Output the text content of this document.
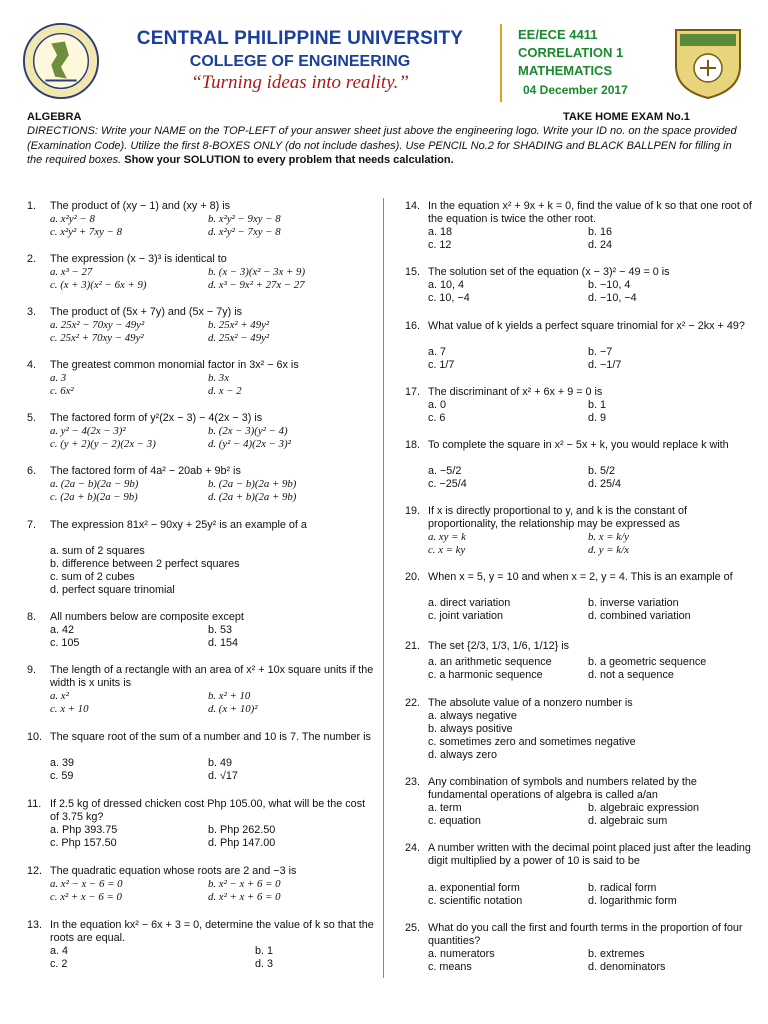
CENTRAL PHILIPPINE UNIVERSITY
COLLEGE OF ENGINEERING
“Turning ideas into reality.”
EE/ECE 4411
CORRELATION 1
MATHEMATICS
04 December 2017
ALGEBRA	TAKE HOME EXAM No.1
DIRECTIONS: Write your NAME on the TOP-LEFT of your answer sheet just above the engineering logo. Write your ID no. on the space provided (Examination Code). Utilize the first 8-BOXES ONLY (do not include dashes). Use PENCIL No.2 for SHADING and BLACK BALLPEN for filling in the required boxes. Show your SOLUTION to every problem that needs calculation.
1.	The product of (xy − 1) and (xy + 8) is
a. x²y² − 8	b. x²y² − 9xy − 8
c. x²y² + 7xy − 8	d. x²y² − 7xy − 8
2.	The expression (x − 3)³ is identical to
a. x³ − 27	b. (x − 3)(x² − 3x + 9)
c. (x + 3)(x² − 6x + 9)	d. x³ − 9x² + 27x − 27
3.	The product of (5x + 7y) and (5x − 7y) is
a. 25x² − 70xy − 49y²	b. 25x² + 49y²
c. 25x² + 70xy − 49y²	d. 25x² − 49y²
4.	The greatest common monomial factor in 3x² − 6x is
a. 3	b. 3x
c. 6x²	d. x − 2
5.	The factored form of y²(2x − 3) − 4(2x − 3) is
a. y² − 4(2x − 3)²	b. (2x − 3)(y² − 4)
c. (y + 2)(y − 2)(2x − 3)	d. (y² − 4)(2x − 3)²
6.	The factored form of 4a² − 20ab + 9b² is
a. (2a − b)(2a − 9b)	b. (2a − b)(2a + 9b)
c. (2a + b)(2a − 9b)	d. (2a + b)(2a + 9b)
7.	The expression 81x² − 90xy + 25y² is an example of a
a. sum of 2 squares
b. difference between 2 perfect squares
c. sum of 2 cubes
d. perfect square trinomial
8.	All numbers below are composite except
a. 42	b. 53
c. 105	d. 154
9.	The length of a rectangle with an area of x² + 10x square units if the width is x units is
a. x²	b. x² + 10
c. x + 10	d. (x + 10)²
10. The square root of the sum of a number and 10 is 7. The number is
a. 39	b. 49
c. 59	d. √17
11. If 2.5 kg of dressed chicken cost Php 105.00, what will be the cost of 3.75 kg?
a. Php 393.75	b. Php 262.50
c. Php 157.50	d. Php 147.00
12. The quadratic equation whose roots are 2 and −3 is
a. x² − x − 6 = 0	b. x² − x + 6 = 0
c. x² + x − 6 = 0	d. x² + x + 6 = 0
13. In the equation kx² − 6x + 3 = 0, determine the value of k so that the roots are equal.
a. 4	b. 1
c. 2	d. 3
14. In the equation x² + 9x + k = 0, find the value of k so that one root of the equation is twice the other root.
a. 18	b. 16
c. 12	d. 24
15. The solution set of the equation (x − 3)² − 49 = 0 is
a. 10, 4	b. −10, 4
c. 10, −4	d. −10, −4
16. What value of k yields a perfect square trinomial for x² − 2kx + 49?
a. 7	b. −7
c. 1/7	d. −1/7
17. The discriminant of x² + 6x + 9 = 0 is
a. 0	b. 1
c. 6	d. 9
18. To complete the square in x² − 5x + k, you would replace k with
a. −5/2	b. 5/2
c. −25/4	d. 25/4
19. If x is directly proportional to y, and k is the constant of proportionality, the relationship may be expressed as
a. xy = k	b. x = k/y
c. x = ky	d. y = k/x
20. When x = 5, y = 10 and when x = 2, y = 4. This is an example of
a. direct variation	b. inverse variation
c. joint variation	d. combined variation
21. The set {2/3, 1/3, 1/6, 1/12} is
a. an arithmetic sequence	b. a geometric sequence
c. a harmonic sequence	d. not a sequence
22. The absolute value of a nonzero number is
a. always negative
b. always positive
c. sometimes zero and sometimes negative
d. always zero
23. Any combination of symbols and numbers related by the fundamental operations of algebra is called a/an
a. term	b. algebraic expression
c. equation	d. algebraic sum
24. A number written with the decimal point placed just after the leading digit multiplied by a power of 10 is said to be
a. exponential form	b. radical form
c. scientific notation	d. logarithmic form
25. What do you call the first and fourth terms in the proportion of four quantities?
a. numerators	b. extremes
c. means	d. denominators
